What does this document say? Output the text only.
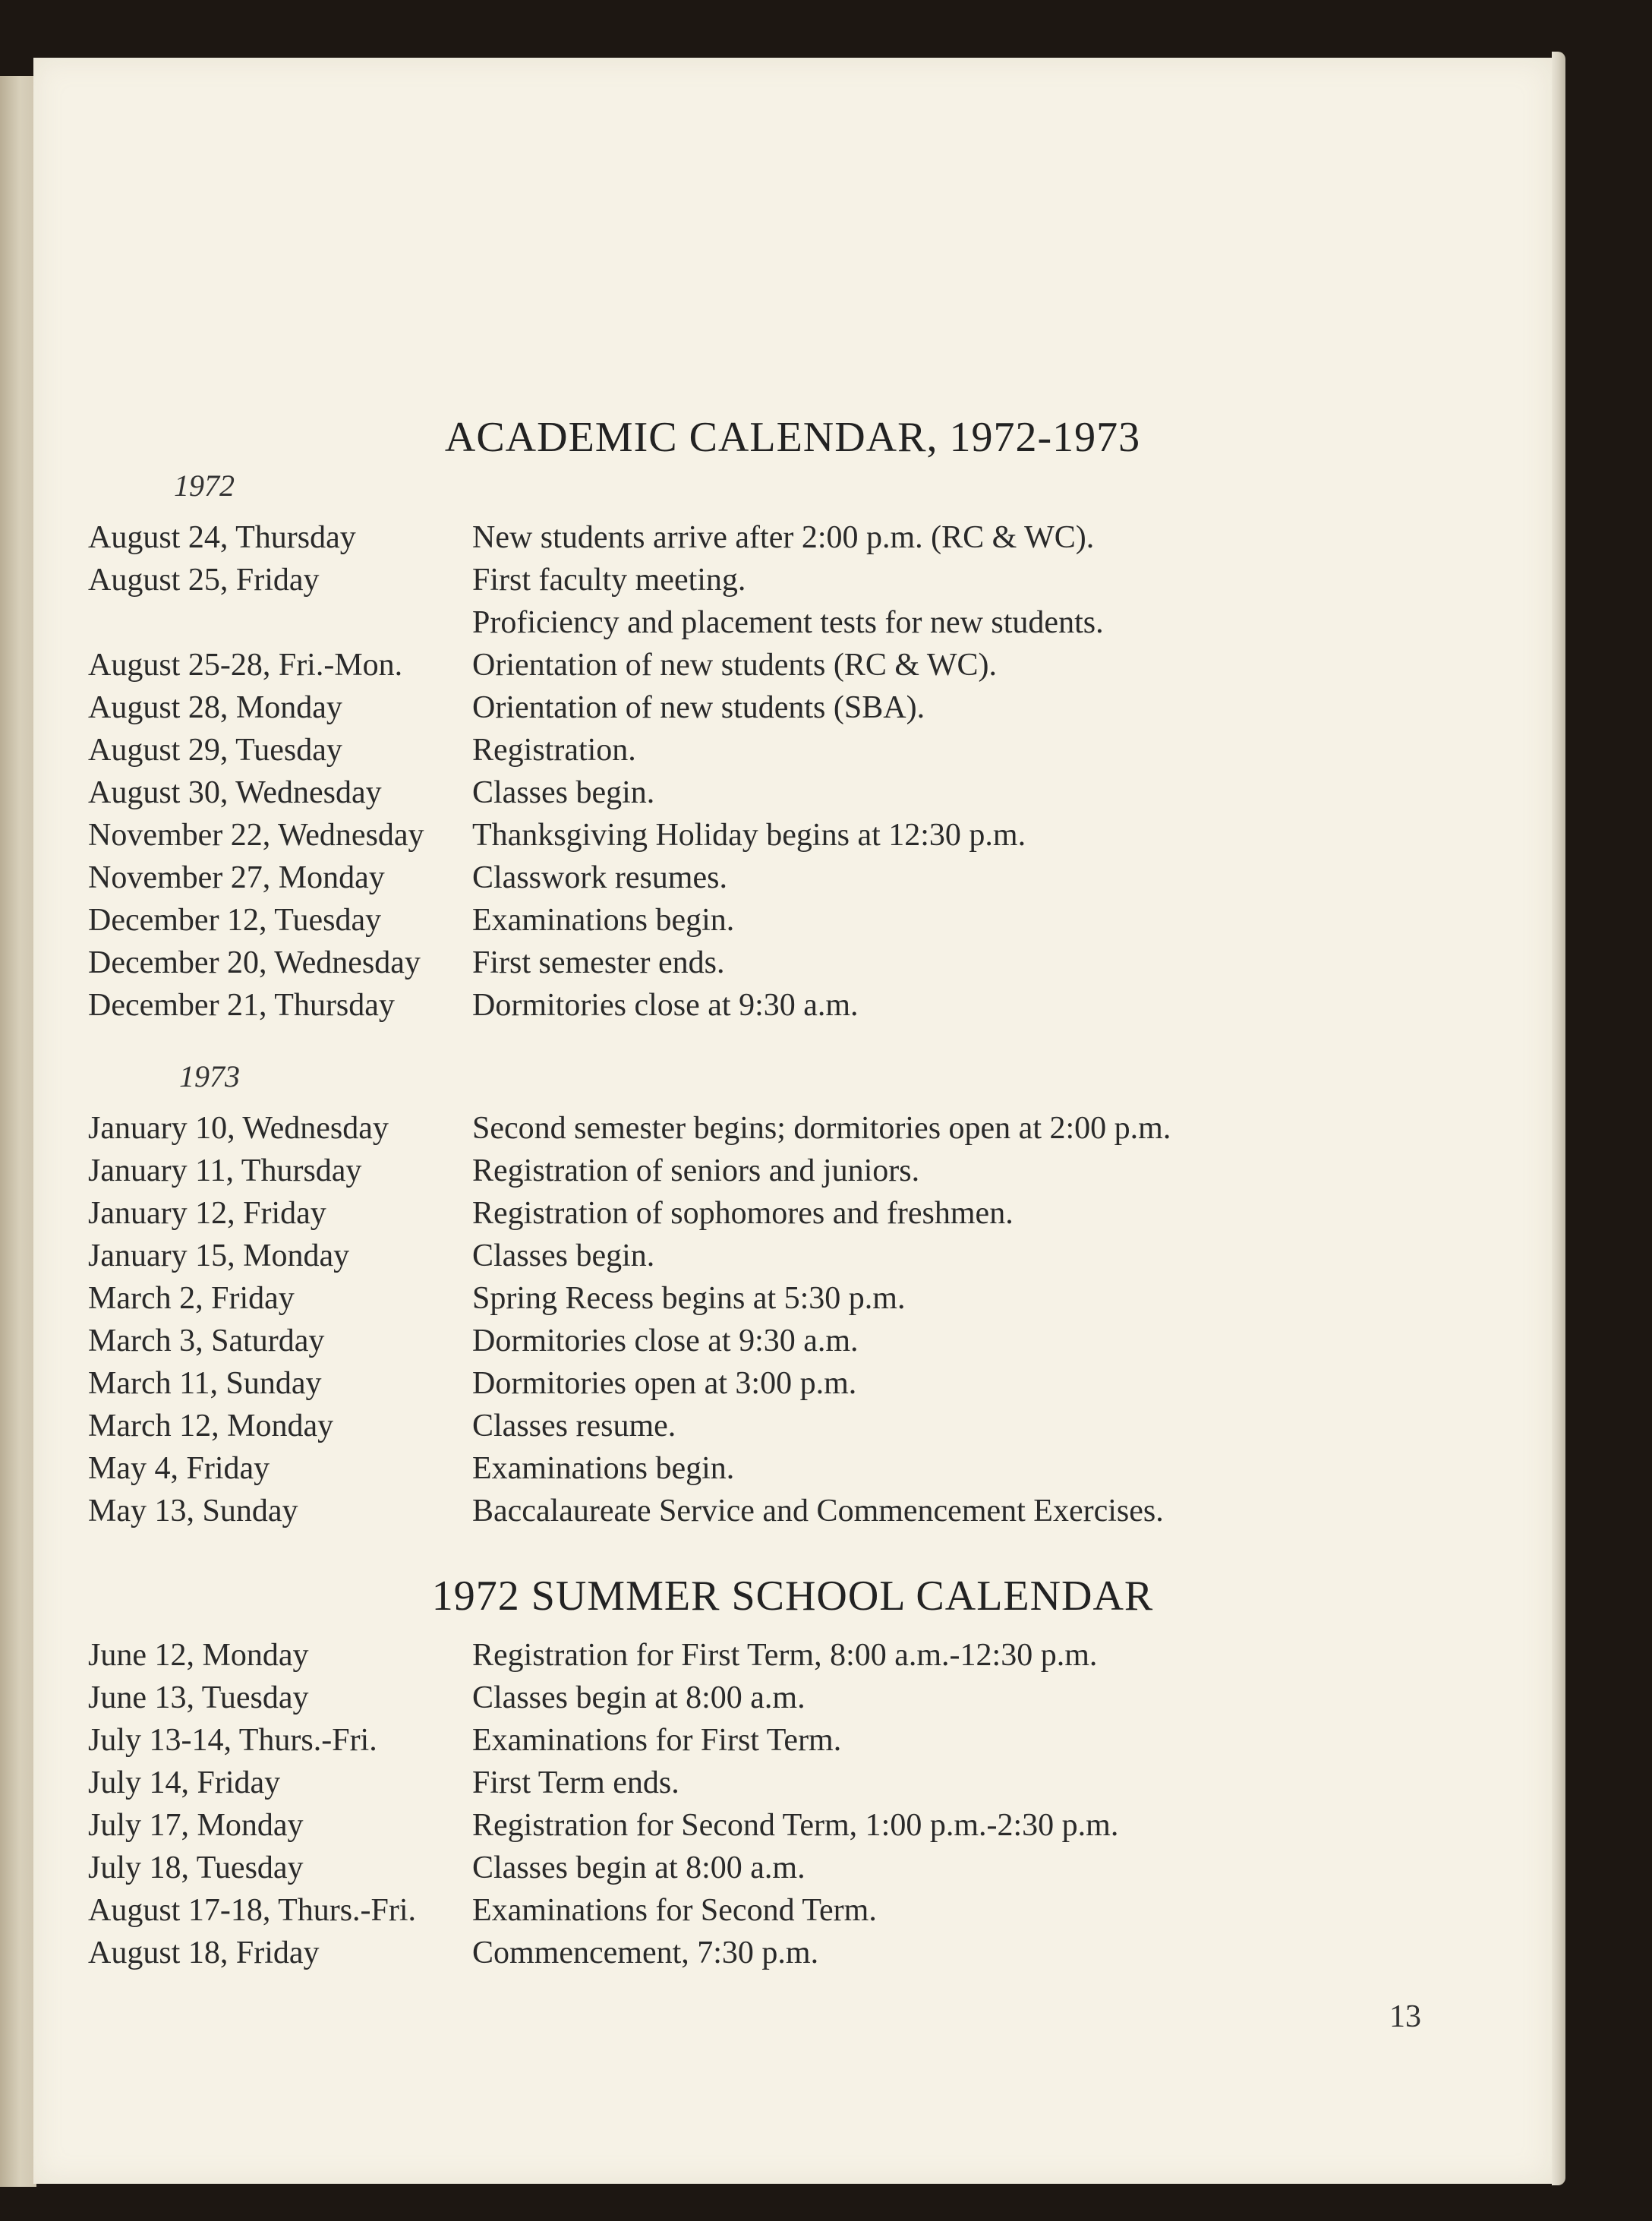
ACADEMIC CALENDAR, 1972-1973
1972
August 24, Thursday	New students arrive after 2:00 p.m. (RC & WC).
August 25, Friday	First faculty meeting.
Proficiency and placement tests for new students.
August 25-28, Fri.-Mon. Orientation of new students (RC & WC).
August 28, Monday	Orientation of new students (SBA).
August 29, Tuesday	Registration.
August 30, Wednesday	Classes begin.
November 22, Wednesday Thanksgiving Holiday begins at 12:30 p.m.
November 27, Monday	Classwork resumes.
December 12, Tuesday	Examinations begin.
December 20, Wednesday First semester ends.
December 21, Thursday Dormitories close at 9:30 a.m.
1973
January 10, Wednesday	Second semester begins; dormitories open at 2:00 p.m.
January 11, Thursday	Registration of seniors and juniors.
January 12, Friday	Registration of sophomores and freshmen.
January 15, Monday	Classes begin.
March 2, Friday	Spring Recess begins at 5:30 p.m.
March 3, Saturday	Dormitories close at 9:30 a.m.
March 11, Sunday	Dormitories open at 3:00 p.m.
March 12, Monday	Classes resume.
May 4, Friday	Examinations begin.
May 13, Sunday	Baccalaureate Service and Commencement Exercises.
1972 SUMMER SCHOOL CALENDAR
June 12, Monday	Registration for First Term, 8:00 a.m.-12:30 p.m.
June 13, Tuesday	Classes begin at 8:00 a.m.
July 13-14, Thurs.-Fri.	Examinations for First Term.
July 14, Friday	First Term ends.
July 17, Monday	Registration for Second Term, 1:00 p.m.-2:30 p.m.
July 18, Tuesday	Classes begin at 8:00 a.m.
August 17-18, Thurs.-Fri. Examinations for Second Term.
August 18, Friday	Commencement, 7:30 p.m.
13
